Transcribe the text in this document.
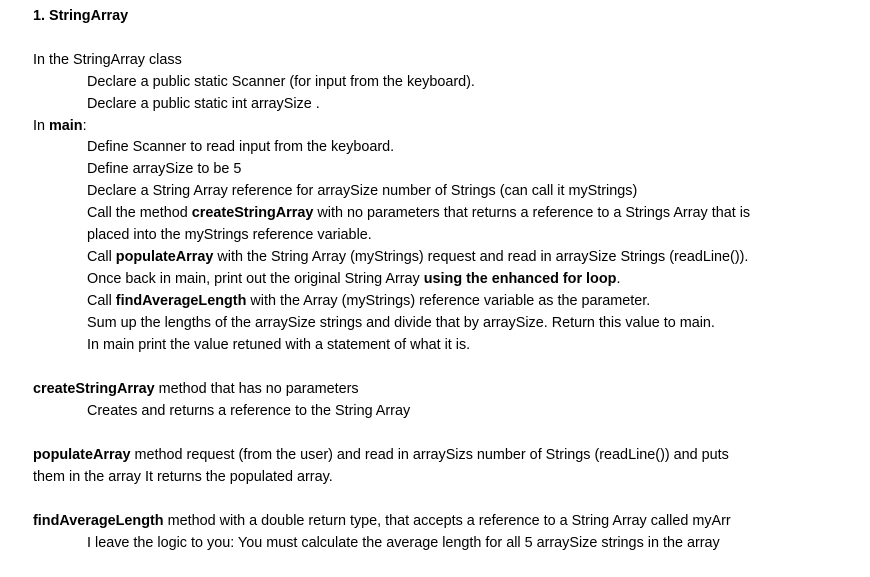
1. StringArray
In the StringArray class
Declare a public static Scanner (for input from the keyboard).
Declare a public static int arraySize .
In main:
Define Scanner to read input from the keyboard.
Define arraySize to be 5
Declare a String Array reference for arraySize number of Strings (can call it myStrings)
Call the method createStringArray with no parameters that returns a reference to a Strings Array that is
placed into the myStrings reference variable.
Call populateArray with the String Array (myStrings) request and read in arraySize Strings (readLine()).
Once back in main, print out the original String Array using the enhanced for loop.
Call findAverageLength with the Array (myStrings) reference variable as the parameter.
Sum up the lengths of the arraySize strings and divide that by arraySize. Return this value to main.
In main print the value retuned with a statement of what it is.
createStringArray method that has no parameters
Creates and returns a reference to the String Array
populateArray method request (from the user) and read in arraySizs number of Strings (readLine()) and puts
them in the array It returns the populated array.
findAverageLength method with a double return type, that accepts a reference to a String Array called myArr
I leave the logic to you: You must calculate the average length for all 5 arraySize strings in the array
